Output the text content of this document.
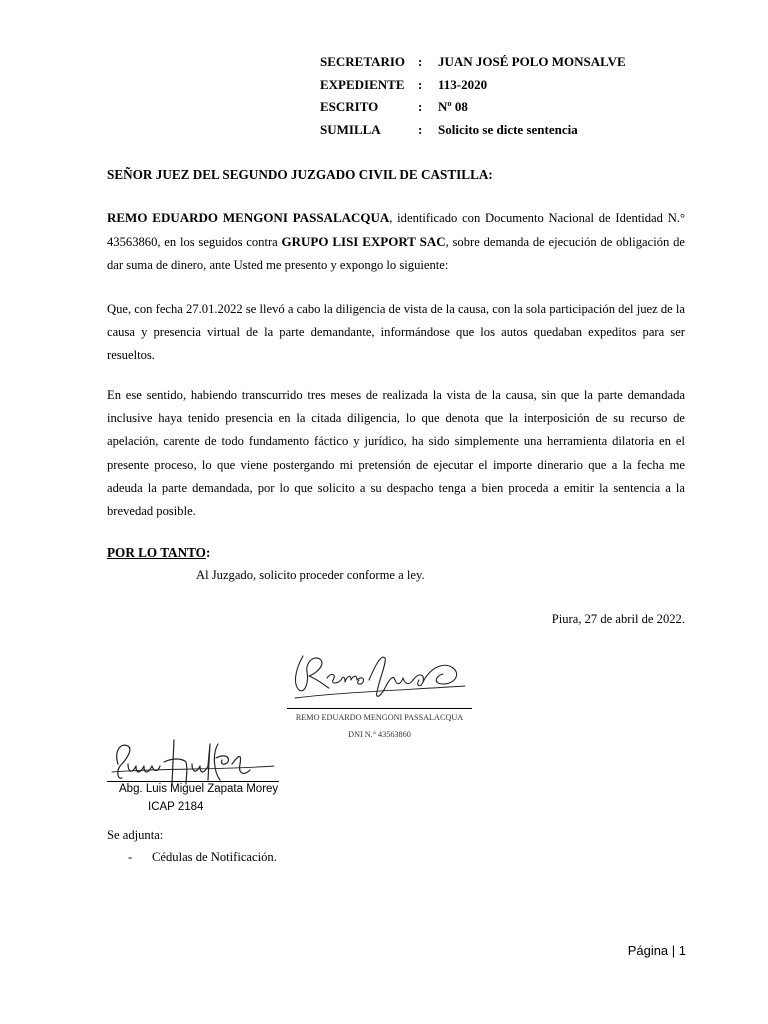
SECRETARIO : JUAN JOSÉ POLO MONSALVE
EXPEDIENTE : 113-2020
ESCRITO	: Nº 08
SUMILLA	: Solicito se dicte sentencia
SEÑOR JUEZ DEL SEGUNDO JUZGADO CIVIL DE CASTILLA:
REMO EDUARDO MENGONI PASSALACQUA, identificado con Documento Nacional de Identidad N.° 43563860, en los seguidos contra GRUPO LISI EXPORT SAC, sobre demanda de ejecución de obligación de dar suma de dinero, ante Usted me presento y expongo lo siguiente:
Que, con fecha 27.01.2022 se llevó a cabo la diligencia de vista de la causa, con la sola participación del juez de la causa y presencia virtual de la parte demandante, informándose que los autos quedaban expeditos para ser resueltos.
En ese sentido, habiendo transcurrido tres meses de realizada la vista de la causa, sin que la parte demandada inclusive haya tenido presencia en la citada diligencia, lo que denota que la interposición de su recurso de apelación, carente de todo fundamento fáctico y jurídico, ha sido simplemente una herramienta dilatoria en el presente proceso, lo que viene postergando mi pretensión de ejecutar el importe dinerario que a la fecha me adeuda la parte demandada, por lo que solicito a su despacho tenga a bien proceda a emitir la sentencia a la brevedad posible.
POR LO TANTO:
Al Juzgado, solicito proceder conforme a ley.
Piura, 27 de abril de 2022.
REMO EDUARDO MENGONI PASSALACQUA
DNI N.° 43563860
Abg. Luis Miguel Zapata Morey
ICAP 2184
Se adjunta:
- Cédulas de Notificación.
Página | 1
